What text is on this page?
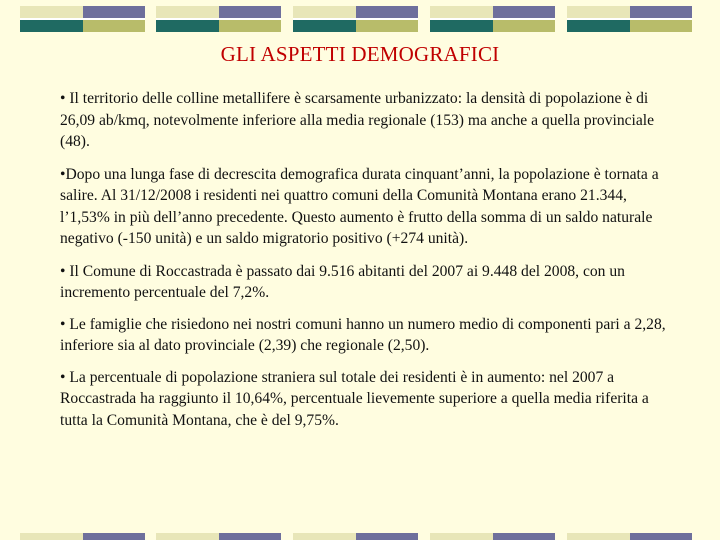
GLI ASPETTI DEMOGRAFICI

• Il territorio delle colline metallifere è scarsamente urbanizzato: la densità di popolazione è di 26,09 ab/kmq, notevolmente inferiore alla media regionale (153) ma anche a quella provinciale (48).

•Dopo una lunga fase di decrescita demografica durata cinquant’anni, la popolazione è tornata a salire. Al 31/12/2008 i residenti nei quattro comuni della Comunità Montana erano 21.344, l’1,53% in più dell’anno precedente. Questo aumento è frutto della somma di un saldo naturale negativo (-150 unità) e un saldo migratorio positivo (+274 unità).

• Il Comune di Roccastrada è passato dai 9.516 abitanti del 2007 ai 9.448 del 2008, con un incremento percentuale del 7,2%.

• Le famiglie che risiedono nei nostri comuni hanno un numero medio di componenti pari a 2,28, inferiore sia al dato provinciale (2,39) che regionale (2,50).

• La percentuale di popolazione straniera sul totale dei residenti è in aumento: nel 2007 a Roccastrada ha raggiunto il 10,64%, percentuale lievemente superiore a quella media riferita a tutta la Comunità Montana, che è del 9,75%.
